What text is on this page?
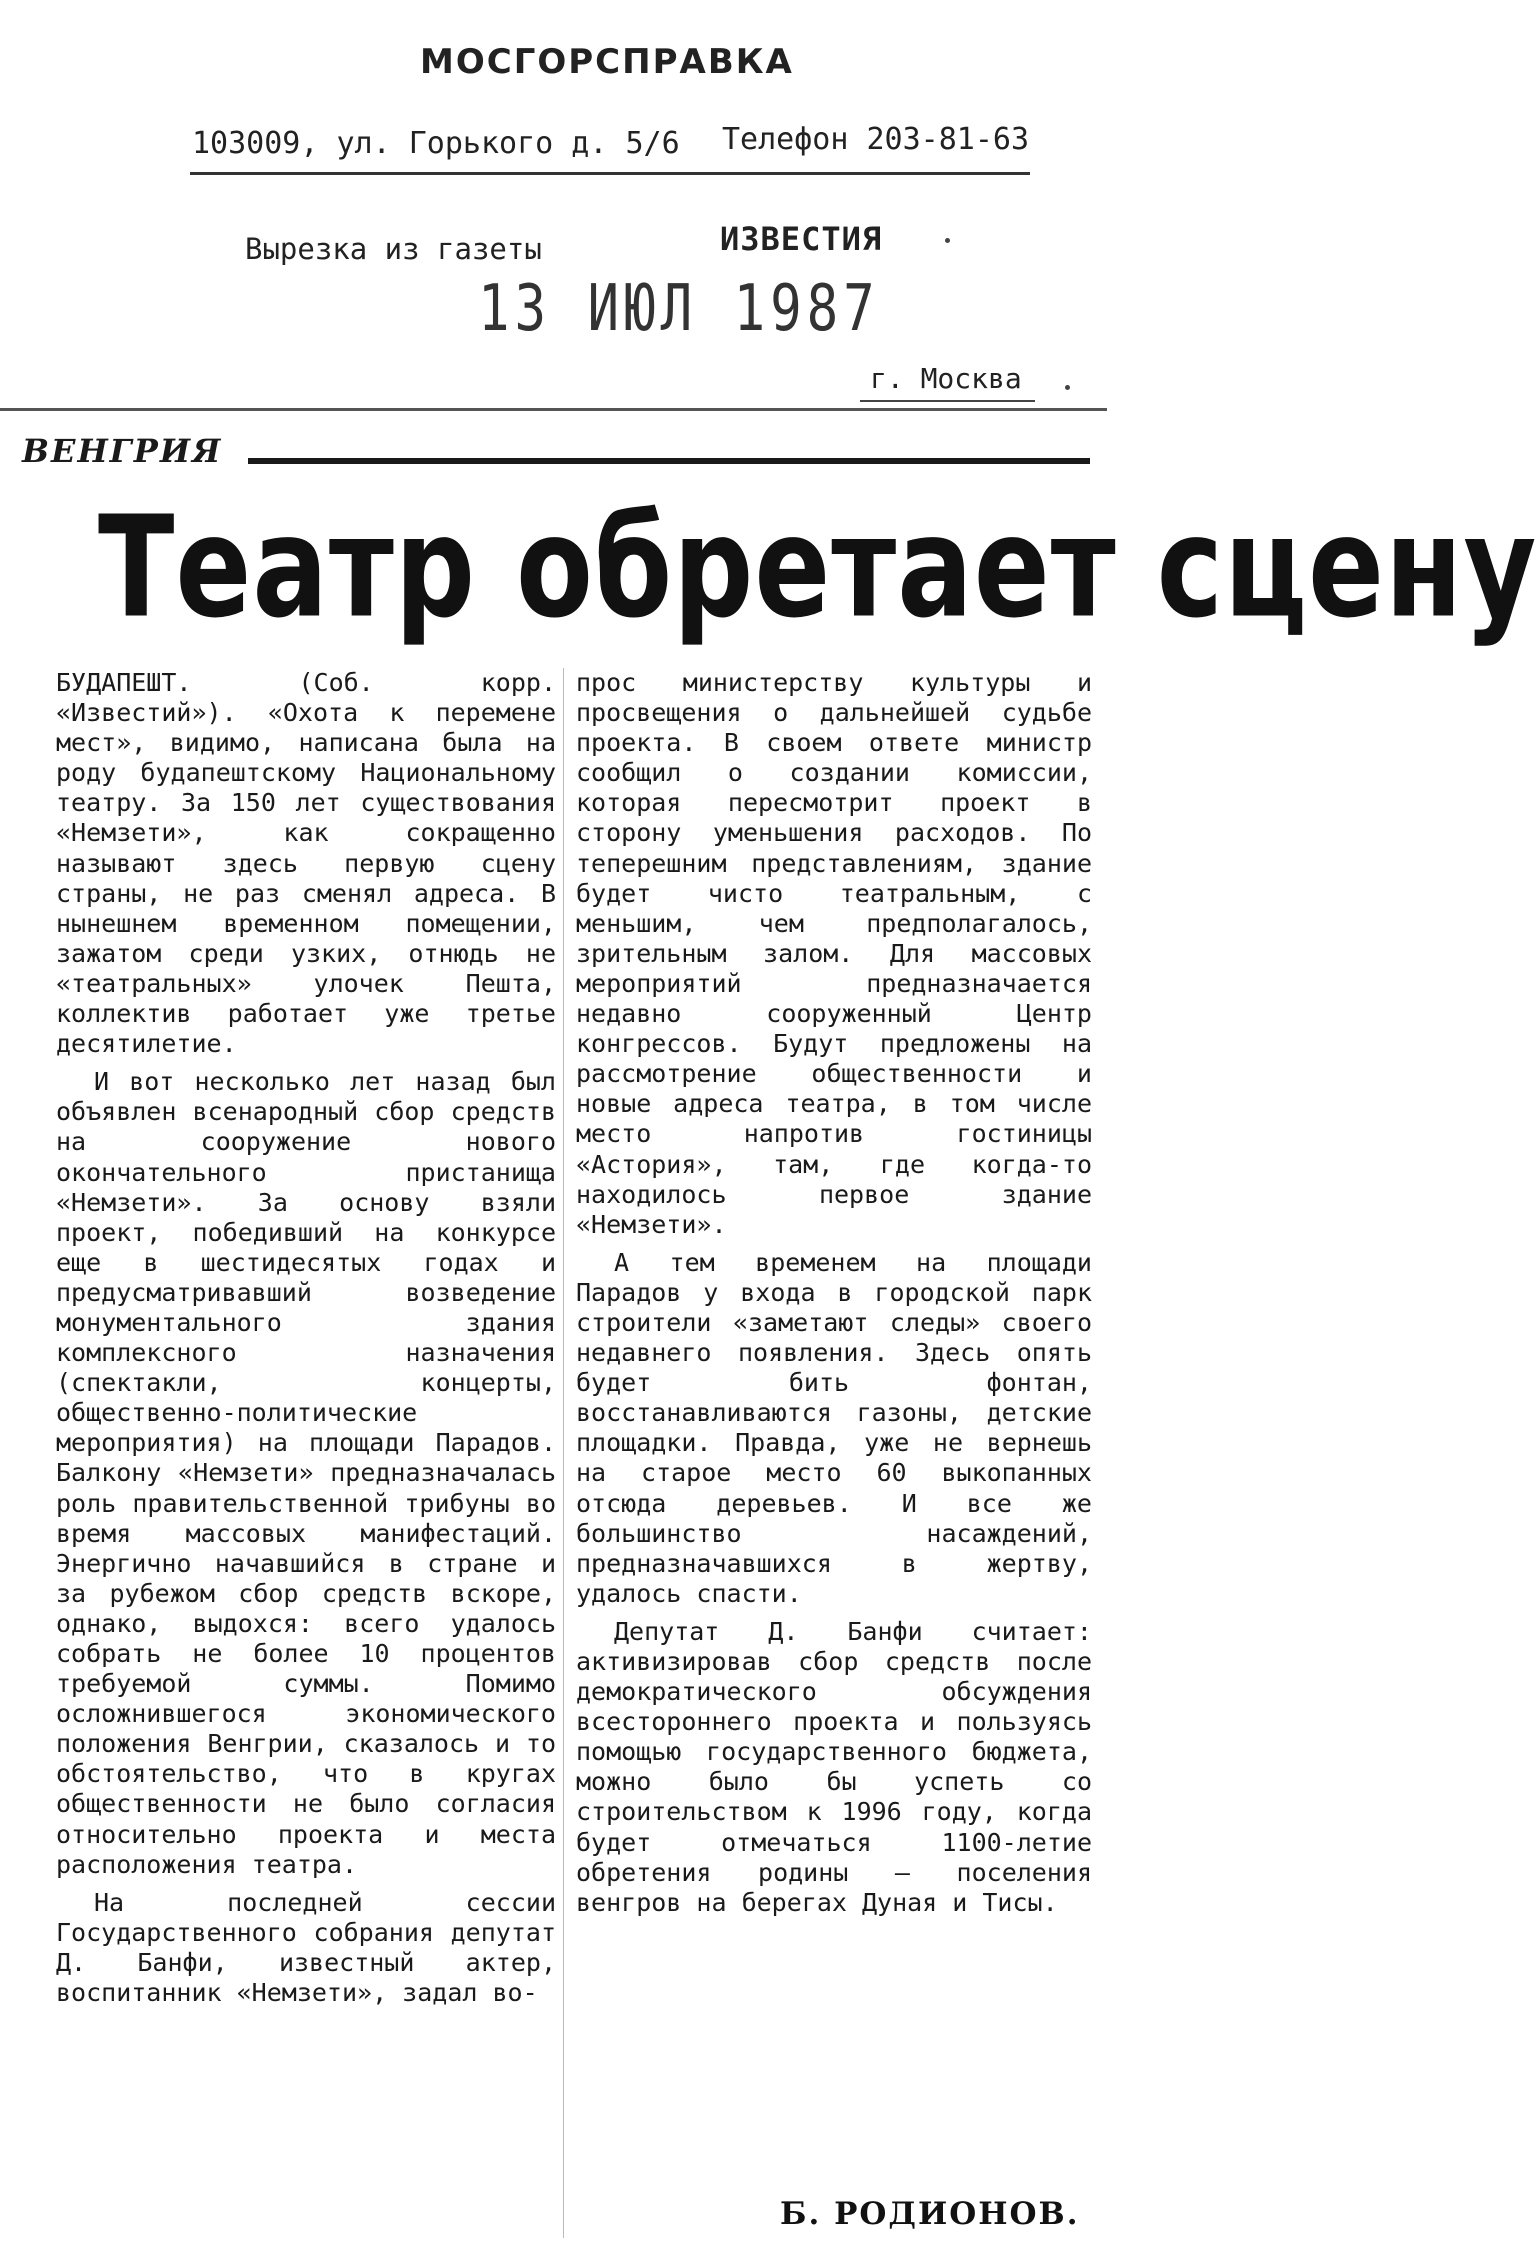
МОСГОРСПРАВКА
103009, ул. Горького д. 5/6	Телефон 203-81-63
Вырезка из газеты	ИЗВЕСТИЯ
13 ИЮЛ 1987
г. Москва
ВЕНГРИЯ
Театр обретает сцену

БУДАПЕШТ. (Соб. корр. «Известий»). «Охота к перемене мест», видимо, написана была на роду будапештскому Национальному театру. За 150 лет существования «Немзети», как сокращенно называют здесь первую сцену страны, не раз сменял адреса. В нынешнем временном помещении, зажатом среди узких, отнюдь не «театральных» улочек Пешта, коллектив работает уже третье десятилетие.

И вот несколько лет назад был объявлен всенародный сбор средств на сооружение нового окончательного пристанища «Немзети». За основу взяли проект, победивший на конкурсе еще в шестидесятых годах и предусматривавший возведение монументального здания комплексного назначения (спектакли, концерты, общественно-политические мероприятия) на площади Парадов. Балкону «Немзети» предназначалась роль правительственной трибуны во время массовых манифестаций. Энергично начавшийся в стране и за рубежом сбор средств вскоре, однако, выдохся: всего удалось собрать не более 10 процентов требуемой суммы. Помимо осложнившегося экономического положения Венгрии, сказалось и то обстоятельство, что в кругах общественности не было согласия относительно проекта и места расположения театра.

На последней сессии Государственного собрания депутат Д. Банфи, известный актер, воспитанник «Немзети», задал во-

прос министерству культуры и просвещения о дальнейшей судьбе проекта. В своем ответе министр сообщил о создании комиссии, которая пересмотрит проект в сторону уменьшения расходов. По теперешним представлениям, здание будет чисто театральным, с меньшим, чем предполагалось, зрительным залом. Для массовых мероприятий предназначается недавно сооруженный Центр конгрессов. Будут предложены на рассмотрение общественности и новые адреса театра, в том числе место напротив гостиницы «Астория», там, где когда-то находилось первое здание «Немзети».

А тем временем на площади Парадов у входа в городской парк строители «заметают следы» своего недавнего появления. Здесь опять будет бить фонтан, восстанавливаются газоны, детские площадки. Правда, уже не вернешь на старое место 60 выкопанных отсюда деревьев. И все же большинство насаждений, предназначавшихся в жертву, удалось спасти.

Депутат Д. Банфи считает: активизировав сбор средств после демократического обсуждения всестороннего проекта и пользуясь помощью государственного бюджета, можно было бы успеть со строительством к 1996 году, когда будет отмечаться 1100-летие обретения родины — поселения венгров на берегах Дуная и Тисы.

Б. РОДИОНОВ.
